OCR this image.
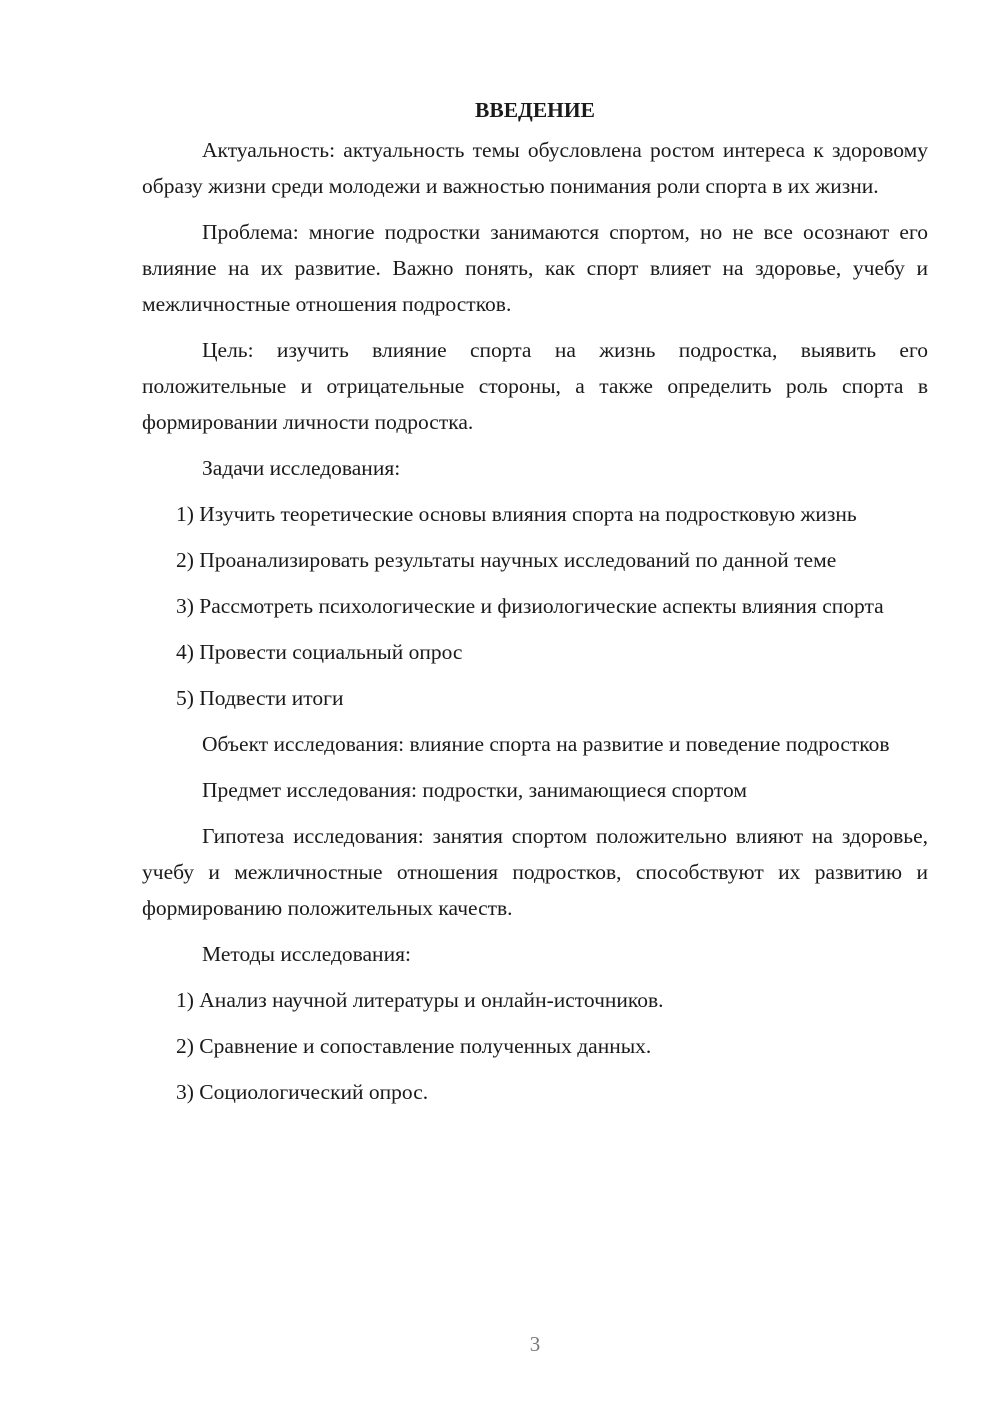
ВВЕДЕНИЕ

Актуальность: актуальность темы обусловлена ростом интереса к здоровому образу жизни среди молодежи и важностью понимания роли спорта в их жизни.

Проблема: многие подростки занимаются спортом, но не все осознают его влияние на их развитие. Важно понять, как спорт влияет на здоровье, учебу и межличностные отношения подростков.

Цель: изучить влияние спорта на жизнь подростка, выявить его положительные и отрицательные стороны, а также определить роль спорта в формировании личности подростка.

Задачи исследования:

1) Изучить теоретические основы влияния спорта на подростковую жизнь

2) Проанализировать результаты научных исследований по данной теме

3) Рассмотреть психологические и физиологические аспекты влияния спорта

4) Провести социальный опрос

5) Подвести итоги

Объект исследования: влияние спорта на развитие и поведение подростков

Предмет исследования: подростки, занимающиеся спортом

Гипотеза исследования: занятия спортом положительно влияют на здоровье, учебу и межличностные отношения подростков, способствуют их развитию и формированию положительных качеств.

Методы исследования:

1) Анализ научной литературы и онлайн-источников.

2) Сравнение и сопоставление полученных данных.

3) Социологический опрос.

3
